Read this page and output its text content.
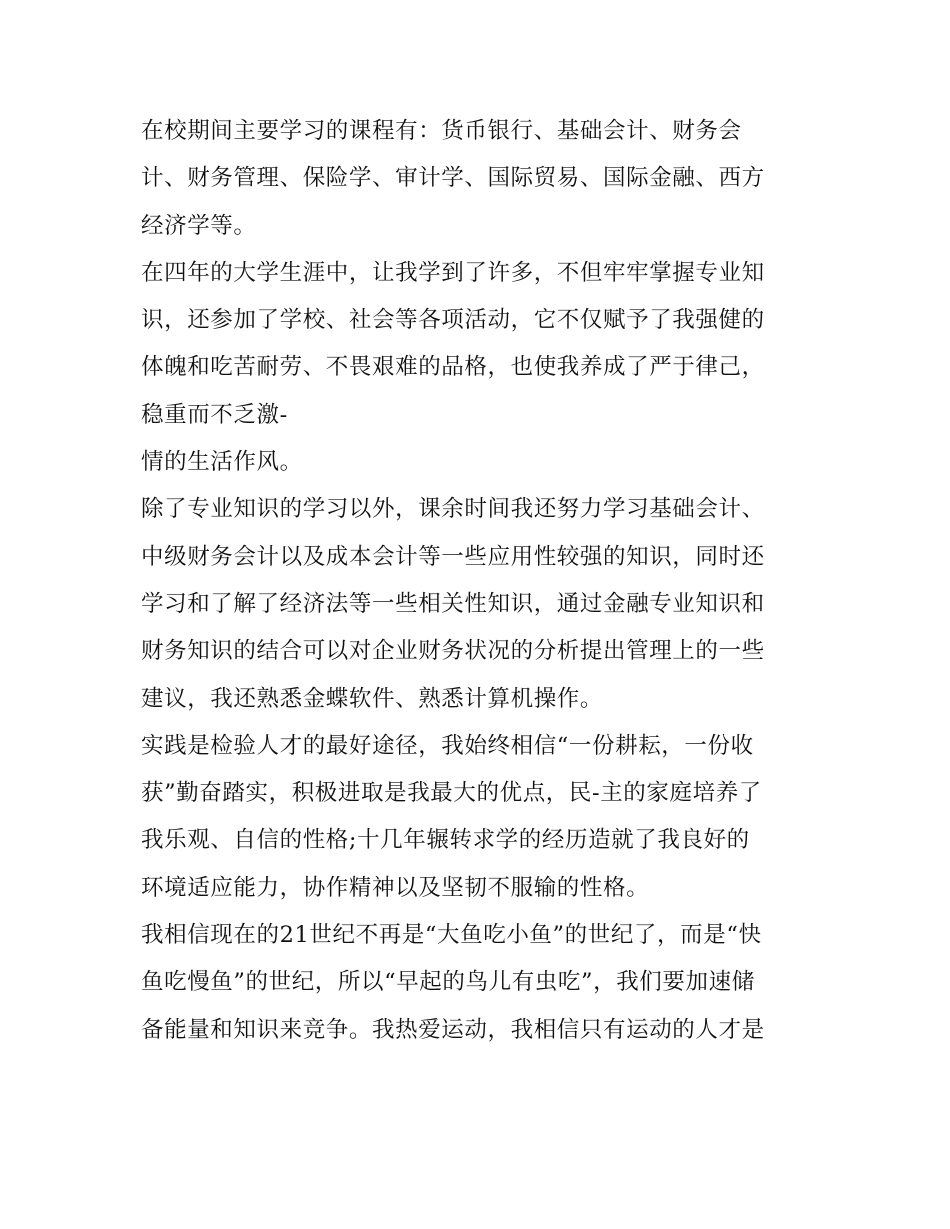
在校期间主要学习的课程有：货币银行、基础会计、财务会
计、财务管理、保险学、审计学、国际贸易、国际金融、西方
经济学等。
在四年的大学生涯中，让我学到了许多，不但牢牢掌握专业知
识，还参加了学校、社会等各项活动，它不仅赋予了我强健的
体魄和吃苦耐劳、不畏艰难的品格，也使我养成了严于律己，
稳重而不乏激-
情的生活作风。
除了专业知识的学习以外，课余时间我还努力学习基础会计、
中级财务会计以及成本会计等一些应用性较强的知识，同时还
学习和了解了经济法等一些相关性知识，通过金融专业知识和
财务知识的结合可以对企业财务状况的分析提出管理上的一些
建议，我还熟悉金蝶软件、熟悉计算机操作。
实践是检验人才的最好途径，我始终相信“一份耕耘，一份收
获”勤奋踏实，积极进取是我最大的优点，民-主的家庭培养了
我乐观、自信的性格;十几年辗转求学的经历造就了我良好的
环境适应能力，协作精神以及坚韧不服输的性格。
我相信现在的21世纪不再是“大鱼吃小鱼”的世纪了，而是“快
鱼吃慢鱼”的世纪，所以“早起的鸟儿有虫吃”，我们要加速储
备能量和知识来竞争。我热爱运动，我相信只有运动的人才是
